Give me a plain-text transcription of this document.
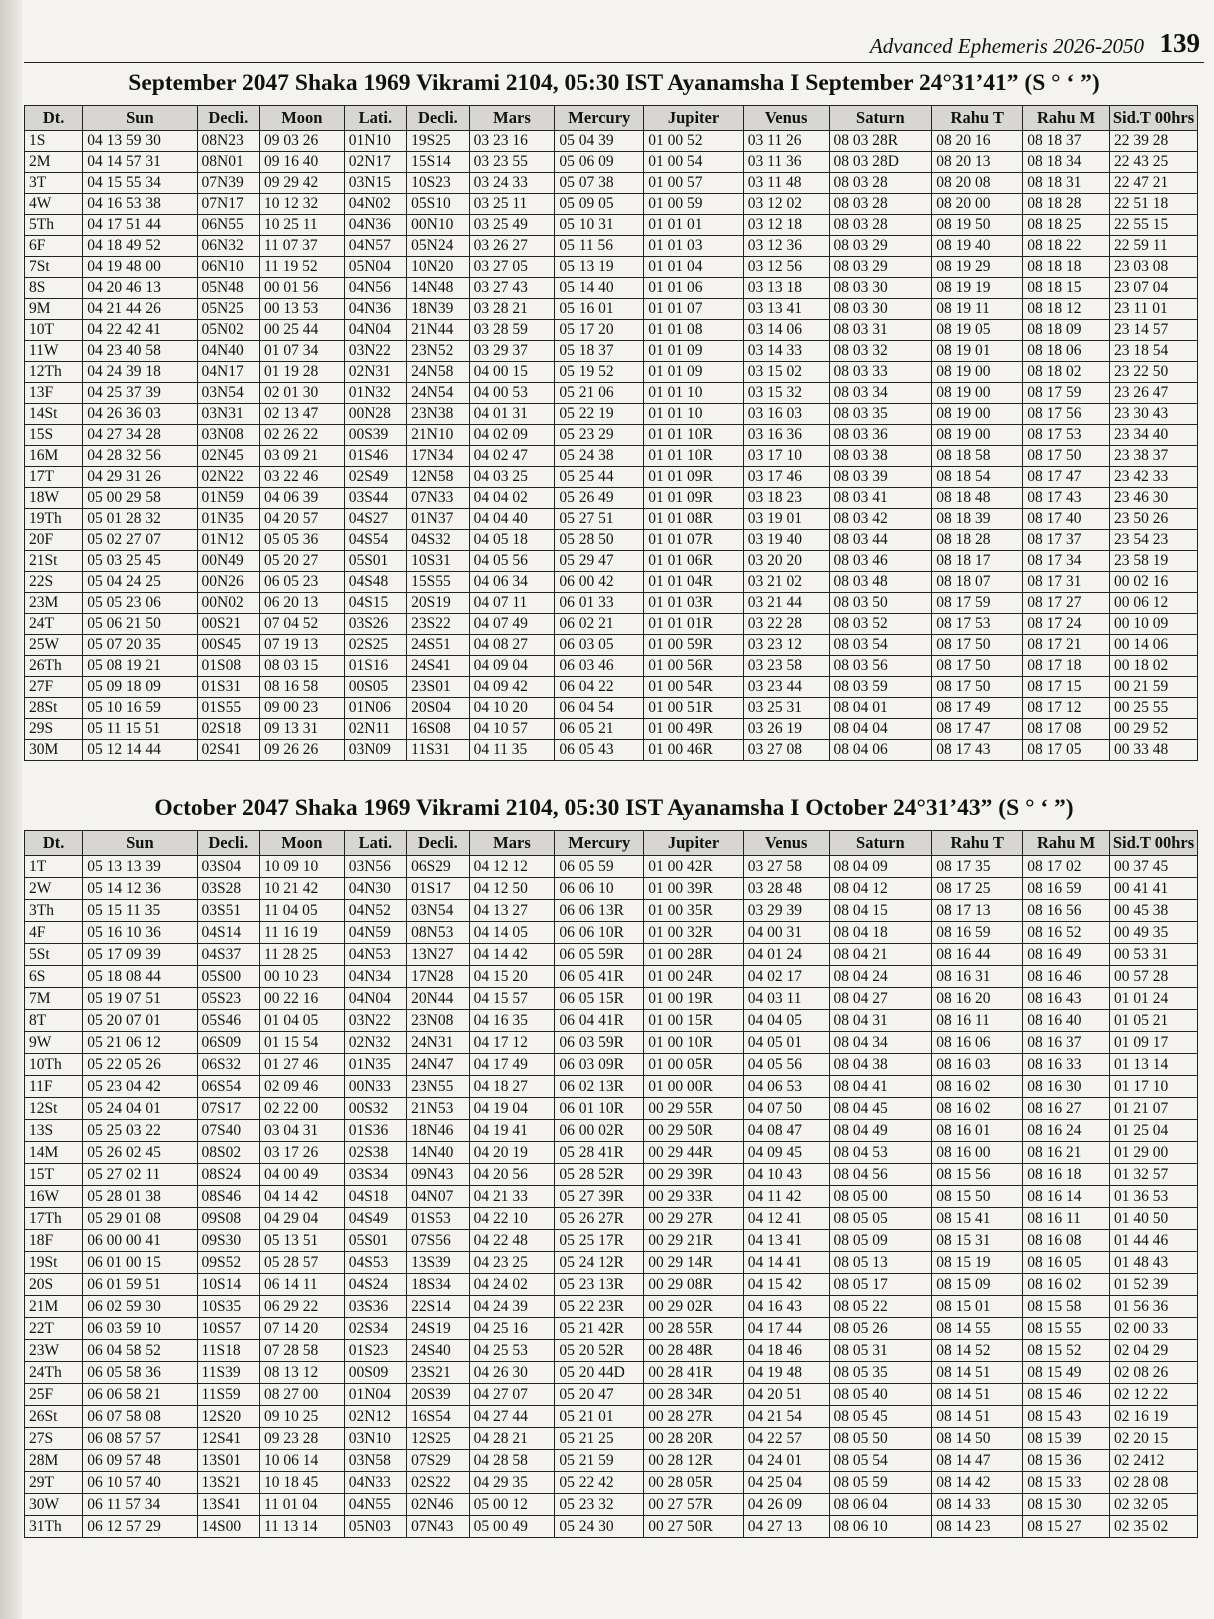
Advanced Ephemeris 2026-2050 139
September 2047 Shaka 1969 Vikrami 2104, 05:30 IST Ayanamsha I September 24°31’41” (S ° ‘ ”)
Dt.	Sun	Decli.	Moon	Lati.	Decli.	Mars	Mercury	Jupiter	Venus	Saturn	Rahu T	Rahu M	Sid.T 00hrs
1S	04 13 59 30	08N23	09 03 26	01N10	19S25	03 23 16	05 04 39	01 00 52	03 11 26	08 03 28R	08 20 16	08 18 37	22 39 28
2M	04 14 57 31	08N01	09 16 40	02N17	15S14	03 23 55	05 06 09	01 00 54	03 11 36	08 03 28D	08 20 13	08 18 34	22 43 25
3T	04 15 55 34	07N39	09 29 42	03N15	10S23	03 24 33	05 07 38	01 00 57	03 11 48	08 03 28	08 20 08	08 18 31	22 47 21
4W	04 16 53 38	07N17	10 12 32	04N02	05S10	03 25 11	05 09 05	01 00 59	03 12 02	08 03 28	08 20 00	08 18 28	22 51 18
5Th	04 17 51 44	06N55	10 25 11	04N36	00N10	03 25 49	05 10 31	01 01 01	03 12 18	08 03 28	08 19 50	08 18 25	22 55 15
6F	04 18 49 52	06N32	11 07 37	04N57	05N24	03 26 27	05 11 56	01 01 03	03 12 36	08 03 29	08 19 40	08 18 22	22 59 11
7St	04 19 48 00	06N10	11 19 52	05N04	10N20	03 27 05	05 13 19	01 01 04	03 12 56	08 03 29	08 19 29	08 18 18	23 03 08
8S	04 20 46 13	05N48	00 01 56	04N56	14N48	03 27 43	05 14 40	01 01 06	03 13 18	08 03 30	08 19 19	08 18 15	23 07 04
9M	04 21 44 26	05N25	00 13 53	04N36	18N39	03 28 21	05 16 01	01 01 07	03 13 41	08 03 30	08 19 11	08 18 12	23 11 01
10T	04 22 42 41	05N02	00 25 44	04N04	21N44	03 28 59	05 17 20	01 01 08	03 14 06	08 03 31	08 19 05	08 18 09	23 14 57
11W	04 23 40 58	04N40	01 07 34	03N22	23N52	03 29 37	05 18 37	01 01 09	03 14 33	08 03 32	08 19 01	08 18 06	23 18 54
12Th	04 24 39 18	04N17	01 19 28	02N31	24N58	04 00 15	05 19 52	01 01 09	03 15 02	08 03 33	08 19 00	08 18 02	23 22 50
13F	04 25 37 39	03N54	02 01 30	01N32	24N54	04 00 53	05 21 06	01 01 10	03 15 32	08 03 34	08 19 00	08 17 59	23 26 47
14St	04 26 36 03	03N31	02 13 47	00N28	23N38	04 01 31	05 22 19	01 01 10	03 16 03	08 03 35	08 19 00	08 17 56	23 30 43
15S	04 27 34 28	03N08	02 26 22	00S39	21N10	04 02 09	05 23 29	01 01 10R	03 16 36	08 03 36	08 19 00	08 17 53	23 34 40
16M	04 28 32 56	02N45	03 09 21	01S46	17N34	04 02 47	05 24 38	01 01 10R	03 17 10	08 03 38	08 18 58	08 17 50	23 38 37
17T	04 29 31 26	02N22	03 22 46	02S49	12N58	04 03 25	05 25 44	01 01 09R	03 17 46	08 03 39	08 18 54	08 17 47	23 42 33
18W	05 00 29 58	01N59	04 06 39	03S44	07N33	04 04 02	05 26 49	01 01 09R	03 18 23	08 03 41	08 18 48	08 17 43	23 46 30
19Th	05 01 28 32	01N35	04 20 57	04S27	01N37	04 04 40	05 27 51	01 01 08R	03 19 01	08 03 42	08 18 39	08 17 40	23 50 26
20F	05 02 27 07	01N12	05 05 36	04S54	04S32	04 05 18	05 28 50	01 01 07R	03 19 40	08 03 44	08 18 28	08 17 37	23 54 23
21St	05 03 25 45	00N49	05 20 27	05S01	10S31	04 05 56	05 29 47	01 01 06R	03 20 20	08 03 46	08 18 17	08 17 34	23 58 19
22S	05 04 24 25	00N26	06 05 23	04S48	15S55	04 06 34	06 00 42	01 01 04R	03 21 02	08 03 48	08 18 07	08 17 31	00 02 16
23M	05 05 23 06	00N02	06 20 13	04S15	20S19	04 07 11	06 01 33	01 01 03R	03 21 44	08 03 50	08 17 59	08 17 27	00 06 12
24T	05 06 21 50	00S21	07 04 52	03S26	23S22	04 07 49	06 02 21	01 01 01R	03 22 28	08 03 52	08 17 53	08 17 24	00 10 09
25W	05 07 20 35	00S45	07 19 13	02S25	24S51	04 08 27	06 03 05	01 00 59R	03 23 12	08 03 54	08 17 50	08 17 21	00 14 06
26Th	05 08 19 21	01S08	08 03 15	01S16	24S41	04 09 04	06 03 46	01 00 56R	03 23 58	08 03 56	08 17 50	08 17 18	00 18 02
27F	05 09 18 09	01S31	08 16 58	00S05	23S01	04 09 42	06 04 22	01 00 54R	03 23 44	08 03 59	08 17 50	08 17 15	00 21 59
28St	05 10 16 59	01S55	09 00 23	01N06	20S04	04 10 20	06 04 54	01 00 51R	03 25 31	08 04 01	08 17 49	08 17 12	00 25 55
29S	05 11 15 51	02S18	09 13 31	02N11	16S08	04 10 57	06 05 21	01 00 49R	03 26 19	08 04 04	08 17 47	08 17 08	00 29 52
30M	05 12 14 44	02S41	09 26 26	03N09	11S31	04 11 35	06 05 43	01 00 46R	03 27 08	08 04 06	08 17 43	08 17 05	00 33 48
October 2047 Shaka 1969 Vikrami 2104, 05:30 IST Ayanamsha I October 24°31’43” (S ° ‘ ”)
Dt.	Sun	Decli.	Moon	Lati.	Decli.	Mars	Mercury	Jupiter	Venus	Saturn	Rahu T	Rahu M	Sid.T 00hrs
1T	05 13 13 39	03S04	10 09 10	03N56	06S29	04 12 12	06 05 59	01 00 42R	03 27 58	08 04 09	08 17 35	08 17 02	00 37 45
2W	05 14 12 36	03S28	10 21 42	04N30	01S17	04 12 50	06 06 10	01 00 39R	03 28 48	08 04 12	08 17 25	08 16 59	00 41 41
3Th	05 15 11 35	03S51	11 04 05	04N52	03N54	04 13 27	06 06 13R	01 00 35R	03 29 39	08 04 15	08 17 13	08 16 56	00 45 38
4F	05 16 10 36	04S14	11 16 19	04N59	08N53	04 14 05	06 06 10R	01 00 32R	04 00 31	08 04 18	08 16 59	08 16 52	00 49 35
5St	05 17 09 39	04S37	11 28 25	04N53	13N27	04 14 42	06 05 59R	01 00 28R	04 01 24	08 04 21	08 16 44	08 16 49	00 53 31
6S	05 18 08 44	05S00	00 10 23	04N34	17N28	04 15 20	06 05 41R	01 00 24R	04 02 17	08 04 24	08 16 31	08 16 46	00 57 28
7M	05 19 07 51	05S23	00 22 16	04N04	20N44	04 15 57	06 05 15R	01 00 19R	04 03 11	08 04 27	08 16 20	08 16 43	01 01 24
8T	05 20 07 01	05S46	01 04 05	03N22	23N08	04 16 35	06 04 41R	01 00 15R	04 04 05	08 04 31	08 16 11	08 16 40	01 05 21
9W	05 21 06 12	06S09	01 15 54	02N32	24N31	04 17 12	06 03 59R	01 00 10R	04 05 01	08 04 34	08 16 06	08 16 37	01 09 17
10Th	05 22 05 26	06S32	01 27 46	01N35	24N47	04 17 49	06 03 09R	01 00 05R	04 05 56	08 04 38	08 16 03	08 16 33	01 13 14
11F	05 23 04 42	06S54	02 09 46	00N33	23N55	04 18 27	06 02 13R	01 00 00R	04 06 53	08 04 41	08 16 02	08 16 30	01 17 10
12St	05 24 04 01	07S17	02 22 00	00S32	21N53	04 19 04	06 01 10R	00 29 55R	04 07 50	08 04 45	08 16 02	08 16 27	01 21 07
13S	05 25 03 22	07S40	03 04 31	01S36	18N46	04 19 41	06 00 02R	00 29 50R	04 08 47	08 04 49	08 16 01	08 16 24	01 25 04
14M	05 26 02 45	08S02	03 17 26	02S38	14N40	04 20 19	05 28 41R	00 29 44R	04 09 45	08 04 53	08 16 00	08 16 21	01 29 00
15T	05 27 02 11	08S24	04 00 49	03S34	09N43	04 20 56	05 28 52R	00 29 39R	04 10 43	08 04 56	08 15 56	08 16 18	01 32 57
16W	05 28 01 38	08S46	04 14 42	04S18	04N07	04 21 33	05 27 39R	00 29 33R	04 11 42	08 05 00	08 15 50	08 16 14	01 36 53
17Th	05 29 01 08	09S08	04 29 04	04S49	01S53	04 22 10	05 26 27R	00 29 27R	04 12 41	08 05 05	08 15 41	08 16 11	01 40 50
18F	06 00 00 41	09S30	05 13 51	05S01	07S56	04 22 48	05 25 17R	00 29 21R	04 13 41	08 05 09	08 15 31	08 16 08	01 44 46
19St	06 01 00 15	09S52	05 28 57	04S53	13S39	04 23 25	05 24 12R	00 29 14R	04 14 41	08 05 13	08 15 19	08 16 05	01 48 43
20S	06 01 59 51	10S14	06 14 11	04S24	18S34	04 24 02	05 23 13R	00 29 08R	04 15 42	08 05 17	08 15 09	08 16 02	01 52 39
21M	06 02 59 30	10S35	06 29 22	03S36	22S14	04 24 39	05 22 23R	00 29 02R	04 16 43	08 05 22	08 15 01	08 15 58	01 56 36
22T	06 03 59 10	10S57	07 14 20	02S34	24S19	04 25 16	05 21 42R	00 28 55R	04 17 44	08 05 26	08 14 55	08 15 55	02 00 33
23W	06 04 58 52	11S18	07 28 58	01S23	24S40	04 25 53	05 20 52R	00 28 48R	04 18 46	08 05 31	08 14 52	08 15 52	02 04 29
24Th	06 05 58 36	11S39	08 13 12	00S09	23S21	04 26 30	05 20 44D	00 28 41R	04 19 48	08 05 35	08 14 51	08 15 49	02 08 26
25F	06 06 58 21	11S59	08 27 00	01N04	20S39	04 27 07	05 20 47	00 28 34R	04 20 51	08 05 40	08 14 51	08 15 46	02 12 22
26St	06 07 58 08	12S20	09 10 25	02N12	16S54	04 27 44	05 21 01	00 28 27R	04 21 54	08 05 45	08 14 51	08 15 43	02 16 19
27S	06 08 57 57	12S41	09 23 28	03N10	12S25	04 28 21	05 21 25	00 28 20R	04 22 57	08 05 50	08 14 50	08 15 39	02 20 15
28M	06 09 57 48	13S01	10 06 14	03N58	07S29	04 28 58	05 21 59	00 28 12R	04 24 01	08 05 54	08 14 47	08 15 36	02 2412
29T	06 10 57 40	13S21	10 18 45	04N33	02S22	04 29 35	05 22 42	00 28 05R	04 25 04	08 05 59	08 14 42	08 15 33	02 28 08
30W	06 11 57 34	13S41	11 01 04	04N55	02N46	05 00 12	05 23 32	00 27 57R	04 26 09	08 06 04	08 14 33	08 15 30	02 32 05
31Th	06 12 57 29	14S00	11 13 14	05N03	07N43	05 00 49	05 24 30	00 27 50R	04 27 13	08 06 10	08 14 23	08 15 27	02 35 02
